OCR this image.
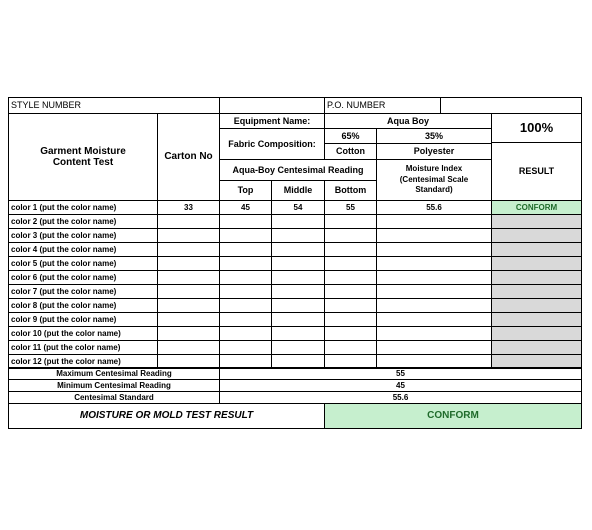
STYLE NUMBER	P.O. NUMBER
Garment Moisture Content Test
Carton No
Equipment Name:	Aqua Boy
Fabric Composition:
65%	35%
Cotton	Polyester
Aqua-Boy Centesimal Reading	Moisture Index (Centesimal Scale Standard)
Top	Middle	Bottom
100%
RESULT
color 1 (put the color name)	33	45	54	55	55.6	CONFORM
color 2 (put the color name)
color 3 (put the color name)
color 4 (put the color name)
color 5 (put the color name)
color 6 (put the color name)
color 7 (put the color name)
color 8 (put the color name)
color 9 (put the color name)
color 10 (put the color name)
color 11 (put the color name)
color 12 (put the color name)
Maximum Centesimal Reading	55
Minimum Centesimal Reading	45
Centesimal Standard	55.6
MOISTURE OR MOLD TEST RESULT	CONFORM
